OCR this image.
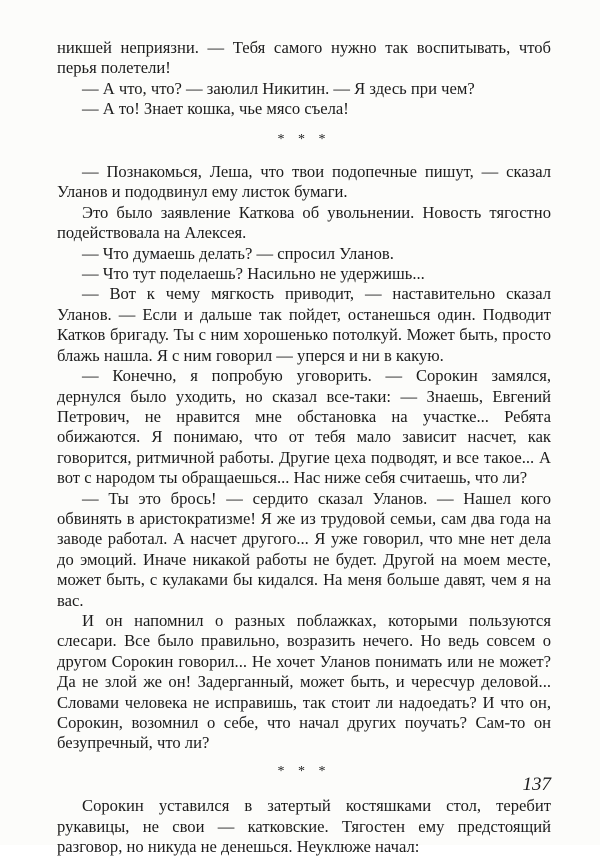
никшей неприязни. — Тебя самого нужно так воспитывать, чтоб перья полетели!

— А что, что? — заюлил Никитин. — Я здесь при чем?

— А то! Знает кошка, чье мясо съела!

* * *

— Познакомься, Леша, что твои подопечные пишут, — сказал Уланов и пододвинул ему листок бумаги.

Это было заявление Каткова об увольнении. Новость тягостно подействовала на Алексея.

— Что думаешь делать? — спросил Уланов.

— Что тут поделаешь? Насильно не удержишь...

— Вот к чему мягкость приводит, — наставительно сказал Уланов. — Если и дальше так пойдет, останешься один. Подводит Катков бригаду. Ты с ним хорошенько потолкуй. Может быть, просто блажь нашла. Я с ним говорил — уперся и ни в какую.

— Конечно, я попробую уговорить. — Сорокин замялся, дернулся было уходить, но сказал все-таки: — Знаешь, Евгений Петрович, не нравится мне обстановка на участке... Ребята обижаются. Я понимаю, что от тебя мало зависит насчет, как говорится, ритмичной работы. Другие цеха подводят, и все такое... А вот с народом ты обращаешься... Нас ниже себя считаешь, что ли?

— Ты это брось! — сердито сказал Уланов. — Нашел кого обвинять в аристократизме! Я же из трудовой семьи, сам два года на заводе работал. А насчет другого... Я уже говорил, что мне нет дела до эмоций. Иначе никакой работы не будет. Другой на моем месте, может быть, с кулаками бы кидался. На меня больше давят, чем я на вас.

И он напомнил о разных поблажках, которыми пользуются слесари. Все было правильно, возразить нечего. Но ведь совсем о другом Сорокин говорил... Не хочет Уланов понимать или не может? Да не злой же он! Задерганный, может быть, и чересчур деловой... Словами человека не исправишь, так стоит ли надоедать? И что он, Сорокин, возомнил о себе, что начал других поучать? Сам-то он безупречный, что ли?

* * *

Сорокин уставился в затертый костяшками стол, теребит рукавицы, не свои — катковские. Тягостен ему предстоящий разговор, но никуда не денешься. Неуклюже начал:

137
